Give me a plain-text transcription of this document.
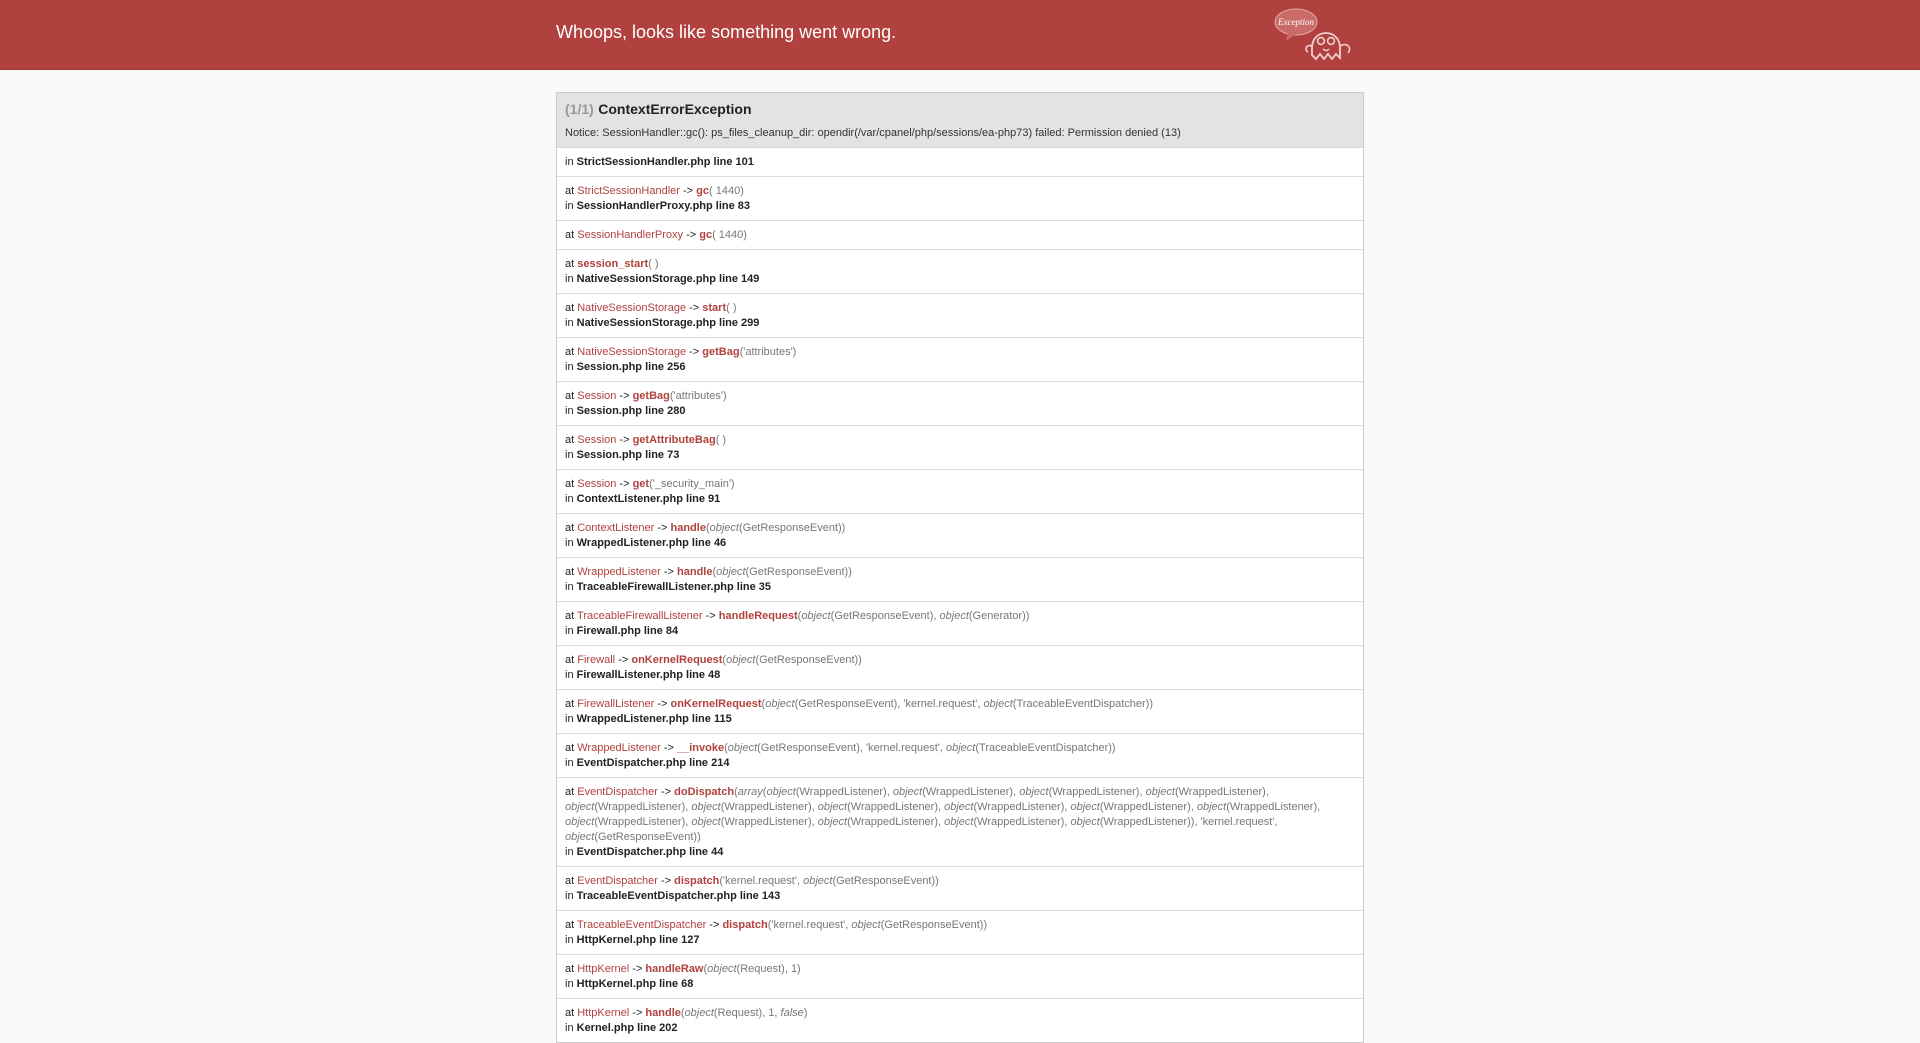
Whoops, looks like something went wrong.	Exception
(1/1) ContextErrorException
Notice: SessionHandler::gc(): ps_files_cleanup_dir: opendir(/var/cpanel/php/sessions/ea-php73) failed: Permission denied (13)
in StrictSessionHandler.php line 101
at StrictSessionHandler -> gc( 1440)
in SessionHandlerProxy.php line 83
at SessionHandlerProxy -> gc( 1440)
at session_start( )
in NativeSessionStorage.php line 149
at NativeSessionStorage -> start( )
in NativeSessionStorage.php line 299
at NativeSessionStorage -> getBag('attributes')
in Session.php line 256
at Session -> getBag('attributes')
in Session.php line 280
at Session -> getAttributeBag( )
in Session.php line 73
at Session -> get('_security_main')
in ContextListener.php line 91
at ContextListener -> handle(object(GetResponseEvent))
in WrappedListener.php line 46
at WrappedListener -> handle(object(GetResponseEvent))
in TraceableFirewallListener.php line 35
at TraceableFirewallListener -> handleRequest(object(GetResponseEvent), object(Generator))
in Firewall.php line 84
at Firewall -> onKernelRequest(object(GetResponseEvent))
in FirewallListener.php line 48
at FirewallListener -> onKernelRequest(object(GetResponseEvent), 'kernel.request', object(TraceableEventDispatcher))
in WrappedListener.php line 115
at WrappedListener -> __invoke(object(GetResponseEvent), 'kernel.request', object(TraceableEventDispatcher))
in EventDispatcher.php line 214
at EventDispatcher -> doDispatch(array(object(WrappedListener), object(WrappedListener), object(WrappedListener), object(WrappedListener), object(WrappedListener), object(WrappedListener), object(WrappedListener), object(WrappedListener), object(WrappedListener), object(WrappedListener), object(WrappedListener), object(WrappedListener), object(WrappedListener), object(WrappedListener), object(WrappedListener)), 'kernel.request', object(GetResponseEvent))
in EventDispatcher.php line 44
at EventDispatcher -> dispatch('kernel.request', object(GetResponseEvent))
in TraceableEventDispatcher.php line 143
at TraceableEventDispatcher -> dispatch('kernel.request', object(GetResponseEvent))
in HttpKernel.php line 127
at HttpKernel -> handleRaw(object(Request), 1)
in HttpKernel.php line 68
at HttpKernel -> handle(object(Request), 1, false)
in Kernel.php line 202
